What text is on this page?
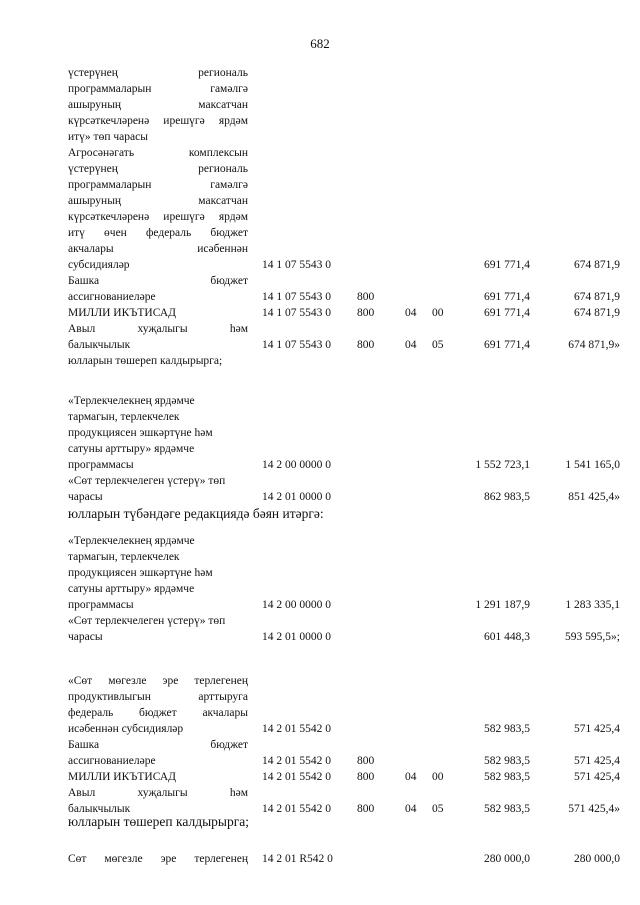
682
үстерүнең региональ
программаларын гамәлгә
ашыруның максатчан
күрсәткечләренә ирешүгә ярдәм
итү» төп чарасы
Агросәнәгать комплексын
үстерүнең региональ
программаларын гамәлгә
ашыруның максатчан
күрсәткечләренә ирешүгә ярдәм
итү өчен федераль бюджет
акчалары исәбеннән
субсидияләр	14 1 07 5543 0	691 771,4	674 871,9
Башка бюджет
ассигнованиеләре	14 1 07 5543 0 800	691 771,4	674 871,9
МИЛЛИ ИКЪТИСАД	14 1 07 5543 0 800	04 00	691 771,4	674 871,9
Авыл хуҗалыгы һәм
балыкчылык	14 1 07 5543 0 800	04 05	691 771,4	674 871,9»
юлларын төшереп калдырырга;
«Терлекчелекнең ярдәмче
тармагын, терлекчелек
продукциясен эшкәртүне һәм
сатуны арттыру» ярдәмче
программасы	14 2 00 0000 0	1 552 723,1	1 541 165,0
«Сөт терлекчелеген үстерү» төп
чарасы	14 2 01 0000 0	862 983,5	851 425,4»
«Терлекчелекнең ярдәмче
тармагын, терлекчелек
продукциясен эшкәртүне һәм
сатуны арттыру» ярдәмче
программасы	14 2 00 0000 0	1 291 187,9	1 283 335,1
«Сөт терлекчелеген үстерү» төп
чарасы	14 2 01 0000 0	601 448,3	593 595,5»;
«Сөт мөгезле эре терлегенең
продуктивлыгын арттыруга
федераль бюджет акчалары
исәбеннән субсидияләр	14 2 01 5542 0	582 983,5	571 425,4
Башка бюджет
ассигнованиеләре	14 2 01 5542 0 800	582 983,5	571 425,4
МИЛЛИ ИКЪТИСАД	14 2 01 5542 0 800	04 00	582 983,5	571 425,4
Авыл хуҗалыгы һәм
балыкчылык	14 2 01 5542 0 800	04 05	582 983,5	571 425,4»
Сөт мөгезле эре терлегенең 14 2 01 R542 0	280 000,0	280 000,0
юлларын түбәндәге редакциядә бәян итәргә:
юлларын төшереп калдырырга;
